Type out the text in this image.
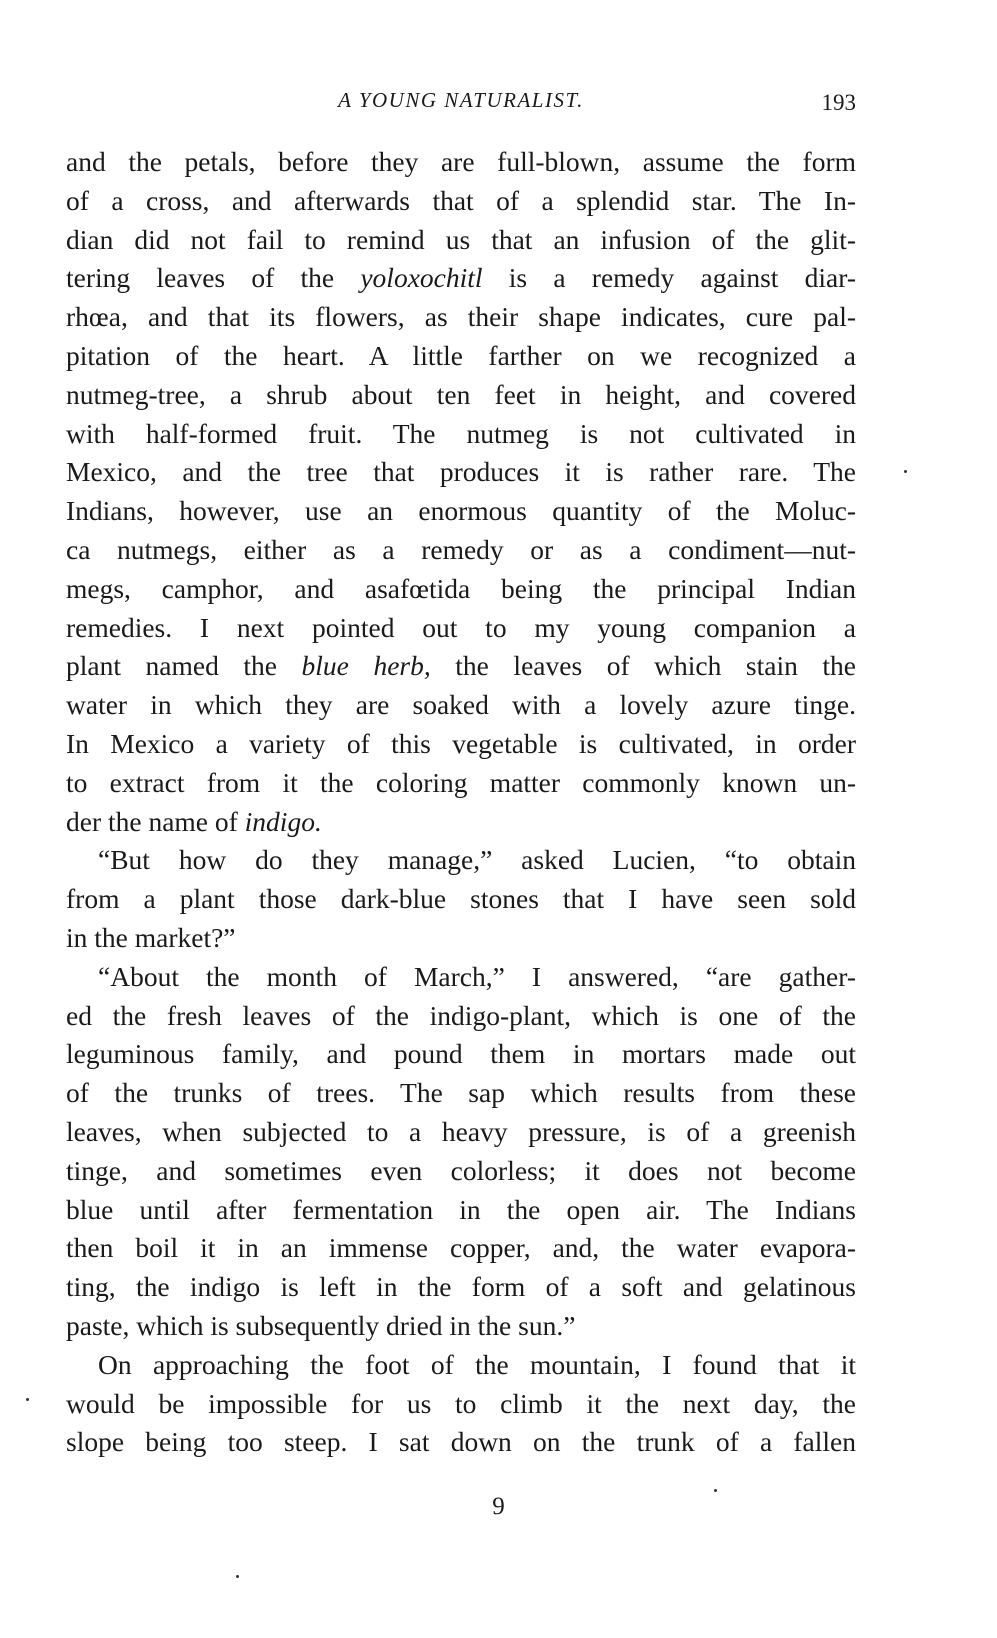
A YOUNG NATURALIST.	193
and the petals, before they are full-blown, assume the form
of a cross, and afterwards that of a splendid star. The In-
dian did not fail to remind us that an infusion of the glit-
tering leaves of the yoloxochitl is a remedy against diar-
rhœa, and that its flowers, as their shape indicates, cure pal-
pitation of the heart. A little farther on we recognized a
nutmeg-tree, a shrub about ten feet in height, and covered
with half-formed fruit. The nutmeg is not cultivated in
Mexico, and the tree that produces it is rather rare. The
Indians, however, use an enormous quantity of the Moluc-
ca nutmegs, either as a remedy or as a condiment—nut-
megs, camphor, and asafœtida being the principal Indian
remedies. I next pointed out to my young companion a
plant named the blue herb, the leaves of which stain the
water in which they are soaked with a lovely azure tinge.
In Mexico a variety of this vegetable is cultivated, in order
to extract from it the coloring matter commonly known un-
der the name of indigo.
“But how do they manage,” asked Lucien, “to obtain
from a plant those dark-blue stones that I have seen sold
in the market?”
“About the month of March,” I answered, “are gather-
ed the fresh leaves of the indigo-plant, which is one of the
leguminous family, and pound them in mortars made out
of the trunks of trees. The sap which results from these
leaves, when subjected to a heavy pressure, is of a greenish
tinge, and sometimes even colorless; it does not become
blue until after fermentation in the open air. The Indians
then boil it in an immense copper, and, the water evapora-
ting, the indigo is left in the form of a soft and gelatinous
paste, which is subsequently dried in the sun.”
On approaching the foot of the mountain, I found that it
would be impossible for us to climb it the next day, the
slope being too steep. I sat down on the trunk of a fallen
9
